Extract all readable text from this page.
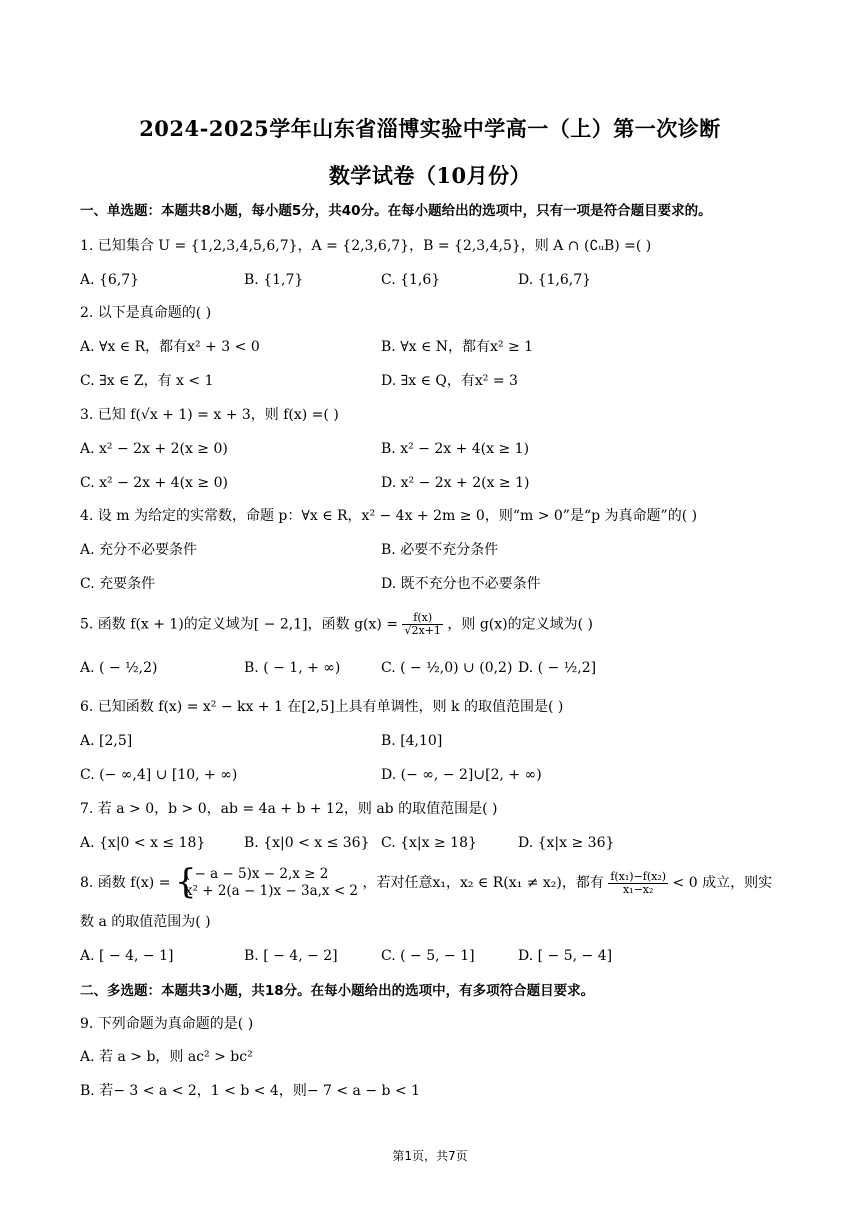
2024-2025学年山东省淄博实验中学高一（上）第一次诊断
数学试卷（10月份）
一、单选题：本题共8小题，每小题5分，共40分。在每小题给出的选项中，只有一项是符合题目要求的。
1. 已知集合 U = {1,2,3,4,5,6,7}，A = {2,3,6,7}，B = {2,3,4,5}，则 A ∩ (∁ᵤB) =( )
A. {6,7}	B. {1,7}	C. {1,6}	D. {1,6,7}
2. 以下是真命题的( )
A. ∀x ∈ R，都有x² + 3 < 0	B. ∀x ∈ N，都有x² ≥ 1
C. ∃x ∈ Z，有 x < 1	D. ∃x ∈ Q，有x² = 3
3. 已知 f(√x + 1) = x + 3，则 f(x) =( )
A. x² − 2x + 2(x ≥ 0)	B. x² − 2x + 4(x ≥ 1)
C. x² − 2x + 4(x ≥ 0)	D. x² − 2x + 2(x ≥ 1)
4. 设 m 为给定的实常数，命题 p：∀x ∈ R，x² − 4x + 2m ≥ 0，则“m > 0”是“p 为真命题”的( )
A. 充分不必要条件	B. 必要不充分条件
C. 充要条件	D. 既不充分也不必要条件
5. 函数 f(x + 1)的定义域为[ − 2,1]，函数 $g(x) = \frac{f(x)}{√2x+1}$ ，则 g(x)的定义域为( )
A. ( − ½,2)	B. ( − 1, + ∞)	C. ( − ½,0) ∪ (0,2) D. ( − ½,2]
6. 已知函数 f(x) = x² − kx + 1 在[2,5]上具有单调性，则 k 的取值范围是( )
A. [2,5]	B. [4,10]
C. (− ∞,4] ∪ [10, + ∞)	D. (− ∞, − 2]∪[2, + ∞)
7. 若 a > 0，b > 0，ab = 4a + b + 12，则 ab 的取值范围是( )
A. {x|0 < x ≤ 18}	B. {x|0 < x ≤ 36} C. {x|x ≥ 18}	D. {x|x ≥ 36}
8. 函数 f(x) = {
( − a − 5)x − 2,x ≥ 2
x² + 2(a − 1)x − 3a,x < 2 ，若对任意x₁，x₂ ∈ R(x₁ ≠ x₂)，都有 $\frac{\text{f(x₁)−f(x₂)}}{\text{x₁−x₂}} < 0$ 成立，则实
数 a 的取值范围为( )
A. [ − 4, − 1]	B. [ − 4, − 2]	C. ( − 5, − 1]	D. [ − 5, − 4]
二、多选题：本题共3小题，共18分。在每小题给出的选项中，有多项符合题目要求。
9. 下列命题为真命题的是( )
A. 若 a > b，则 ac² > bc²
B. 若− 3 < a < 2，1 < b < 4，则− 7 < a − b < 1
第1页，共7页
